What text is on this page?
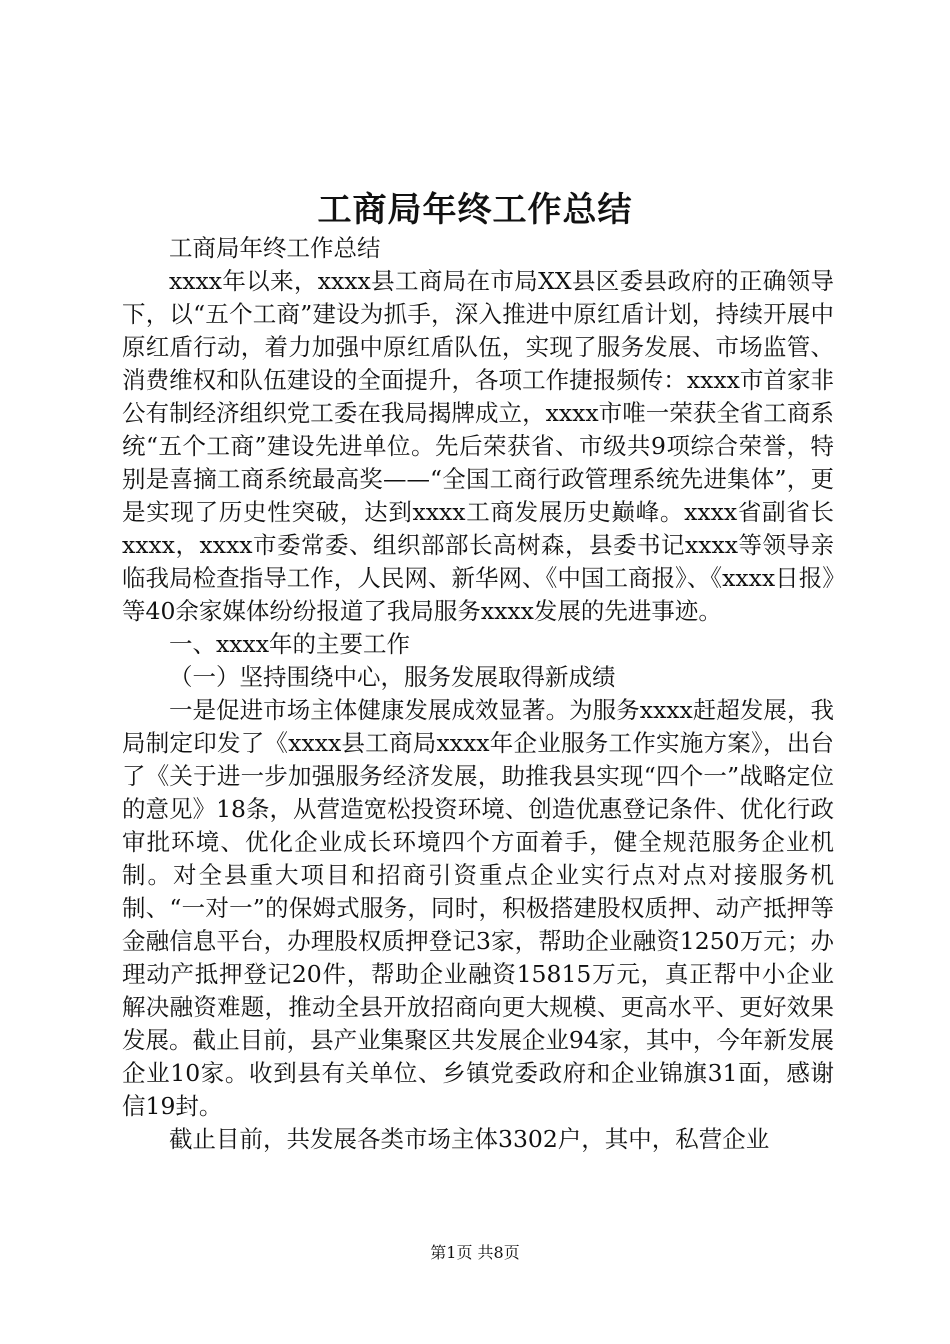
工商局年终工作总结

工商局年终工作总结

xxxx年以来，xxxx县工商局在市局XX县区委县政府的正确领导下，以“五个工商”建设为抓手，深入推进中原红盾计划，持续开展中原红盾行动，着力加强中原红盾队伍，实现了服务发展、市场监管、消费维权和队伍建设的全面提升，各项工作捷报频传：xxxx市首家非公有制经济组织党工委在我局揭牌成立，xxxx市唯一荣获全省工商系统“五个工商”建设先进单位。先后荣获省、市级共9项综合荣誉，特别是喜摘工商系统最高奖——“全国工商行政管理系统先进集体”，更是实现了历史性突破，达到xxxx工商发展历史巅峰。xxxx省副省长xxxx，xxxx市委常委、组织部部长高树森，县委书记xxxx等领导亲临我局检查指导工作，人民网、新华网、《中国工商报》、《xxxx日报》等40余家媒体纷纷报道了我局服务xxxx发展的先进事迹。

一、xxxx年的主要工作

（一）坚持围绕中心，服务发展取得新成绩

一是促进市场主体健康发展成效显著。为服务xxxx赶超发展，我局制定印发了《xxxx县工商局xxxx年企业服务工作实施方案》，出台了《关于进一步加强服务经济发展，助推我县实现“四个一”战略定位的意见》18条，从营造宽松投资环境、创造优惠登记条件、优化行政审批环境、优化企业成长环境四个方面着手，健全规范服务企业机制。对全县重大项目和招商引资重点企业实行点对点对接服务机制、“一对一”的保姆式服务，同时，积极搭建股权质押、动产抵押等金融信息平台，办理股权质押登记3家，帮助企业融资1250万元；办理动产抵押登记20件，帮助企业融资15815万元，真正帮中小企业解决融资难题，推动全县开放招商向更大规模、更高水平、更好效果发展。截止目前，县产业集聚区共发展企业94家，其中，今年新发展企业10家。收到县有关单位、乡镇党委政府和企业锦旗31面，感谢信19封。

截止目前，共发展各类市场主体3302户，其中，私营企业

第1页 共8页
